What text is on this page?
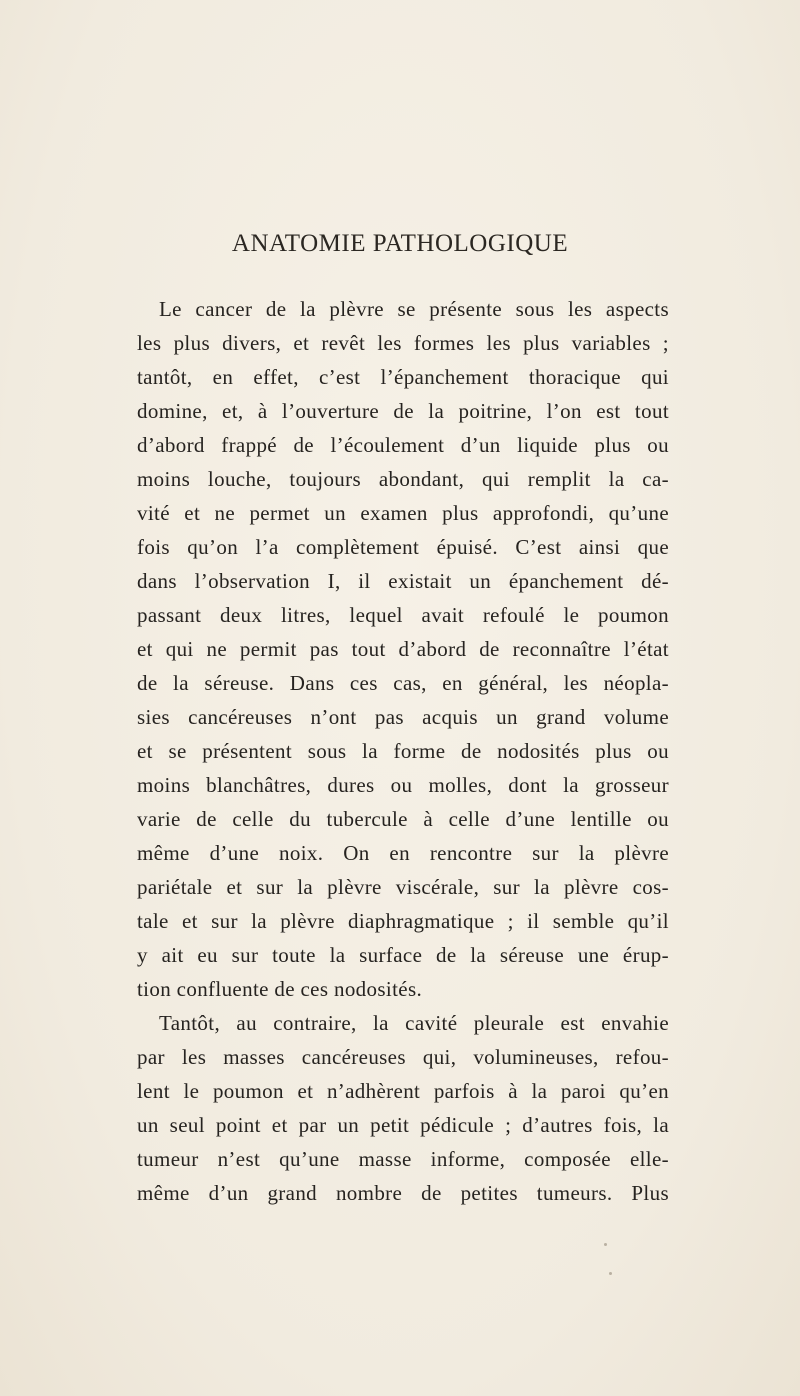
ANATOMIE PATHOLOGIQUE
Le cancer de la plèvre se présente sous les aspects
les plus divers, et revêt les formes les plus variables ;
tantôt, en effet, c’est l’épanchement thoracique qui
domine, et, à l’ouverture de la poitrine, l’on est tout
d’abord frappé de l’écoulement d’un liquide plus ou
moins louche, toujours abondant, qui remplit la ca-
vité et ne permet un examen plus approfondi, qu’une
fois qu’on l’a complètement épuisé. C’est ainsi que
dans l’observation I, il existait un épanchement dé-
passant deux litres, lequel avait refoulé le poumon
et qui ne permit pas tout d’abord de reconnaître l’état
de la séreuse. Dans ces cas, en général, les néopla-
sies cancéreuses n’ont pas acquis un grand volume
et se présentent sous la forme de nodosités plus ou
moins blanchâtres, dures ou molles, dont la grosseur
varie de celle du tubercule à celle d’une lentille ou
même d’une noix. On en rencontre sur la plèvre
pariétale et sur la plèvre viscérale, sur la plèvre cos-
tale et sur la plèvre diaphragmatique ; il semble qu’il
y ait eu sur toute la surface de la séreuse une érup-
tion confluente de ces nodosités.
Tantôt, au contraire, la cavité pleurale est envahie
par les masses cancéreuses qui, volumineuses, refou-
lent le poumon et n’adhèrent parfois à la paroi qu’en
un seul point et par un petit pédicule ; d’autres fois, la
tumeur n’est qu’une masse informe, composée elle-
même d’un grand nombre de petites tumeurs. Plus
